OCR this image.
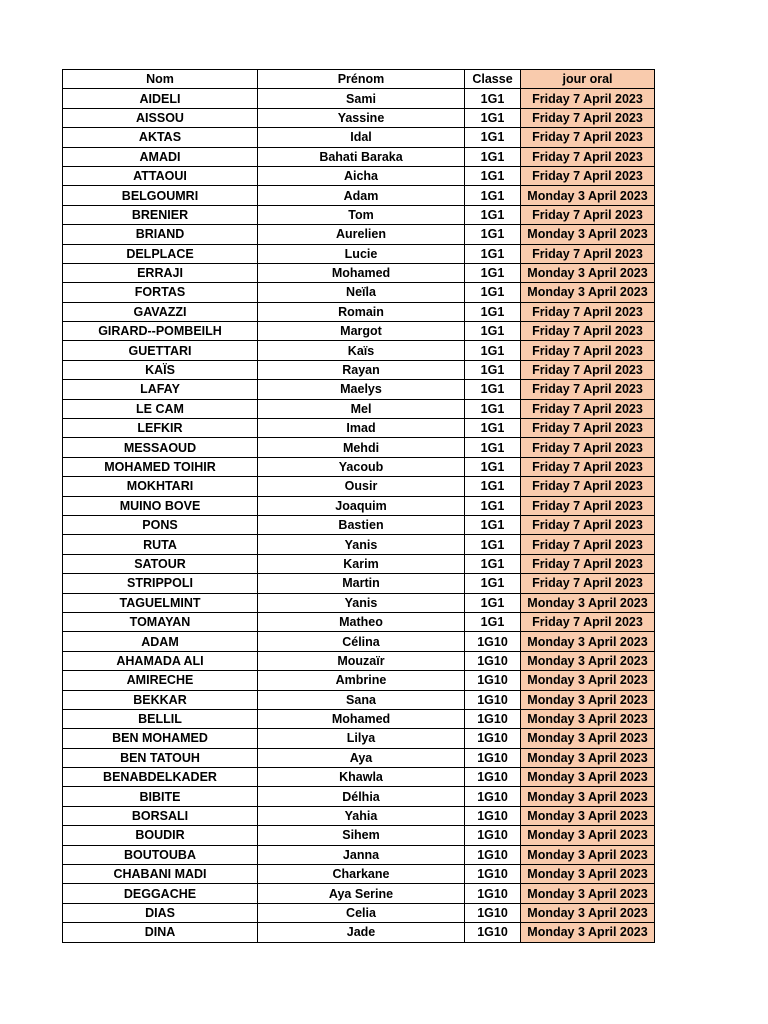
Nom	Prénom	Classe	jour oral
AIDELI	Sami	1G1	Friday 7 April 2023
AISSOU	Yassine	1G1	Friday 7 April 2023
AKTAS	Idal	1G1	Friday 7 April 2023
AMADI	Bahati Baraka	1G1	Friday 7 April 2023
ATTAOUI	Aicha	1G1	Friday 7 April 2023
BELGOUMRI	Adam	1G1	Monday 3 April 2023
BRENIER	Tom	1G1	Friday 7 April 2023
BRIAND	Aurelien	1G1	Monday 3 April 2023
DELPLACE	Lucie	1G1	Friday 7 April 2023
ERRAJI	Mohamed	1G1	Monday 3 April 2023
FORTAS	Neïla	1G1	Monday 3 April 2023
GAVAZZI	Romain	1G1	Friday 7 April 2023
GIRARD--POMBEILH	Margot	1G1	Friday 7 April 2023
GUETTARI	Kaïs	1G1	Friday 7 April 2023
KAÏS	Rayan	1G1	Friday 7 April 2023
LAFAY	Maelys	1G1	Friday 7 April 2023
LE CAM	Mel	1G1	Friday 7 April 2023
LEFKIR	Imad	1G1	Friday 7 April 2023
MESSAOUD	Mehdi	1G1	Friday 7 April 2023
MOHAMED TOIHIR	Yacoub	1G1	Friday 7 April 2023
MOKHTARI	Ousir	1G1	Friday 7 April 2023
MUINO BOVE	Joaquim	1G1	Friday 7 April 2023
PONS	Bastien	1G1	Friday 7 April 2023
RUTA	Yanis	1G1	Friday 7 April 2023
SATOUR	Karim	1G1	Friday 7 April 2023
STRIPPOLI	Martin	1G1	Friday 7 April 2023
TAGUELMINT	Yanis	1G1	Monday 3 April 2023
TOMAYAN	Matheo	1G1	Friday 7 April 2023
ADAM	Célina	1G10	Monday 3 April 2023
AHAMADA ALI	Mouzaïr	1G10	Monday 3 April 2023
AMIRECHE	Ambrine	1G10	Monday 3 April 2023
BEKKAR	Sana	1G10	Monday 3 April 2023
BELLIL	Mohamed	1G10	Monday 3 April 2023
BEN MOHAMED	Lilya	1G10	Monday 3 April 2023
BEN TATOUH	Aya	1G10	Monday 3 April 2023
BENABDELKADER	Khawla	1G10	Monday 3 April 2023
BIBITE	Délhia	1G10	Monday 3 April 2023
BORSALI	Yahia	1G10	Monday 3 April 2023
BOUDIR	Sihem	1G10	Monday 3 April 2023
BOUTOUBA	Janna	1G10	Monday 3 April 2023
CHABANI MADI	Charkane	1G10	Monday 3 April 2023
DEGGACHE	Aya Serine	1G10	Monday 3 April 2023
DIAS	Celia	1G10	Monday 3 April 2023
DINA	Jade	1G10	Monday 3 April 2023
